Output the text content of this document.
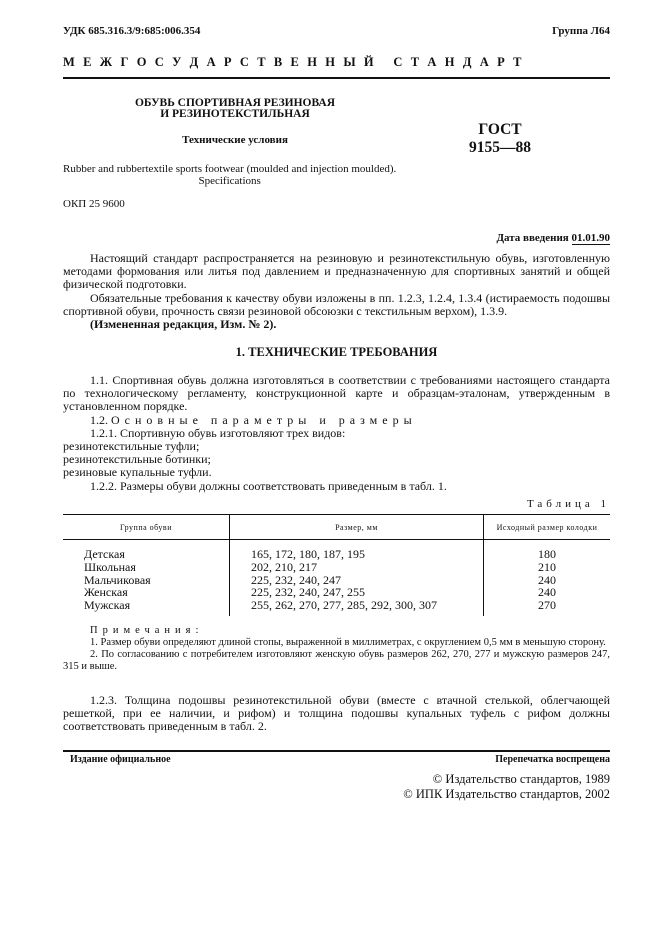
УДК 685.316.3/9:685:006.354	Группа Л64
М Е Ж Г О С У Д А Р С Т В Е Н Н Ы Й   С Т А Н Д А Р Т
ОБУВЬ СПОРТИВНАЯ РЕЗИНОВАЯ
И РЕЗИНОТЕКСТИЛЬНАЯ
Технические условия
ГОСТ
9155—88
Rubber and rubbertextile sports footwear (moulded and injection moulded).
Specifications
ОКП 25 9600
Дата введения 01.01.90

Настоящий стандарт распространяется на резиновую и резинотекстильную обувь, изготовленную методами формования или литья под давлением и предназначенную для спортивных занятий и общей физической подготовки.

Обязательные требования к качеству обуви изложены в пп. 1.2.3, 1.2.4, 1.3.4 (истираемость подошвы спортивной обуви, прочность связи резиновой обсоюзки с текстильным верхом), 1.3.9.

(Измененная редакция, Изм. № 2).

1. ТЕХНИЧЕСКИЕ ТРЕБОВАНИЯ

1.1. Спортивная обувь должна изготовляться в соответствии с требованиями настоящего стандарта по технологическому регламенту, конструкционной карте и образцам-эталонам, утвержденным в установленном порядке.

1.2. Основные параметры и размеры

1.2.1. Спортивную обувь изготовляют трех видов:

резинотекстильные туфли;

резинотекстильные ботинки;

резиновые купальные туфли.

1.2.2. Размеры обуви должны соответствовать приведенным в табл. 1.

Таблица 1
Группа обуви	Размер, мм	Исходный размер колодки

Детская	165, 172, 180, 187, 195	180
Школьная	202, 210, 217	210
Мальчиковая	225, 232, 240, 247	240
Женская	225, 232, 240, 247, 255	240
Мужская	255, 262, 270, 277, 285, 292, 300, 307	270

Примечания:

1. Размер обуви определяют длиной стопы, выраженной в миллиметрах, с округлением 0,5 мм в меньшую сторону.

2. По согласованию с потребителем изготовляют женскую обувь размеров 262, 270, 277 и мужскую размеров 247, 315 и выше.

1.2.3. Толщина подошвы резинотекстильной обуви (вместе с втачной стелькой, облегчающей решеткой, при ее наличии, и рифом) и толщина подошвы купальных туфель с рифом должны соответствовать приведенным в табл. 2.

Издание официальное	Перепечатка воспрещена
© Издательство стандартов, 1989
© ИПК Издательство стандартов, 2002
